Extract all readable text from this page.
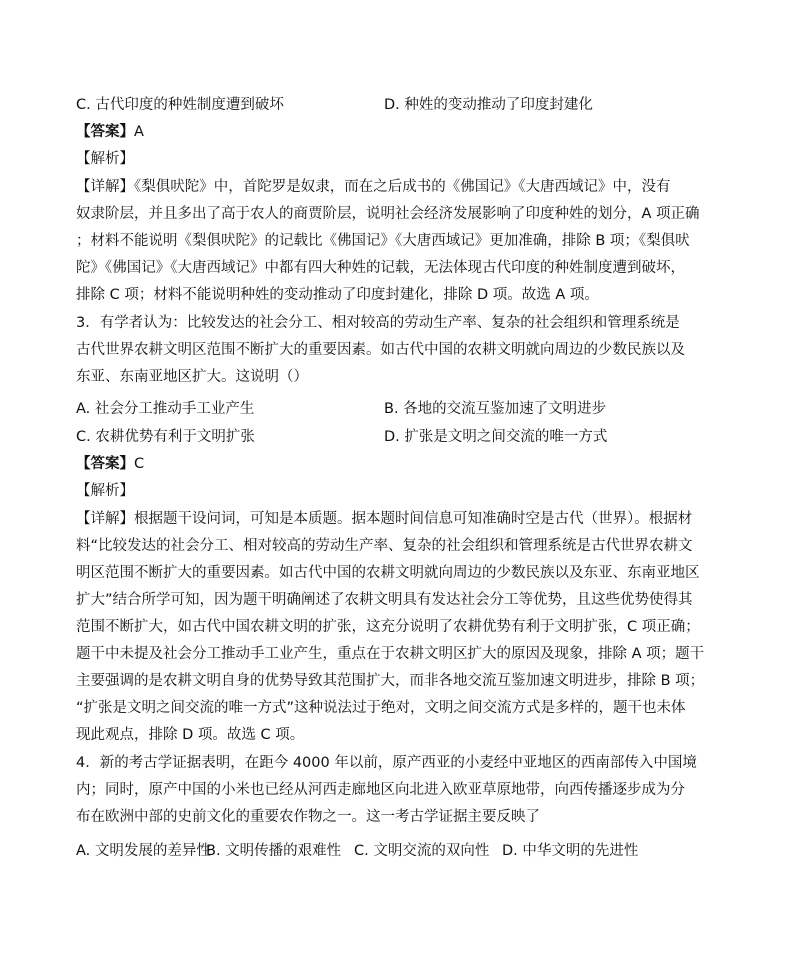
C. 古代印度的种姓制度遭到破坏	D. 种姓的变动推动了印度封建化
【答案】A
【解析】
【详解】《梨俱吠陀》中，首陀罗是奴隶，而在之后成书的《佛国记》《大唐西域记》中，没有
奴隶阶层，并且多出了高于农人的商贾阶层，说明社会经济发展影响了印度种姓的划分，A 项正确
；材料不能说明《梨俱吠陀》的记载比《佛国记》《大唐西域记》更加准确，排除 B 项；《梨俱吠
陀》《佛国记》《大唐西域记》中都有四大种姓的记载，无法体现古代印度的种姓制度遭到破坏，
排除 C 项；材料不能说明种姓的变动推动了印度封建化，排除 D 项。故选 A 项。
3．有学者认为：比较发达的社会分工、相对较高的劳动生产率、复杂的社会组织和管理系统是
古代世界农耕文明区范围不断扩大的重要因素。如古代中国的农耕文明就向周边的少数民族以及
东亚、东南亚地区扩大。这说明（）
A. 社会分工推动手工业产生	B. 各地的交流互鉴加速了文明进步
C. 农耕优势有利于文明扩张	D. 扩张是文明之间交流的唯一方式
【答案】C
【解析】
【详解】根据题干设问词，可知是本质题。据本题时间信息可知准确时空是古代（世界）。根据材
料“比较发达的社会分工、相对较高的劳动生产率、复杂的社会组织和管理系统是古代世界农耕文
明区范围不断扩大的重要因素。如古代中国的农耕文明就向周边的少数民族以及东亚、东南亚地区
扩大”结合所学可知，因为题干明确阐述了农耕文明具有发达社会分工等优势，且这些优势使得其
范围不断扩大，如古代中国农耕文明的扩张，这充分说明了农耕优势有利于文明扩张，C 项正确；
题干中未提及社会分工推动手工业产生，重点在于农耕文明区扩大的原因及现象，排除 A 项；题干
主要强调的是农耕文明自身的优势导致其范围扩大，而非各地交流互鉴加速文明进步，排除 B 项；
“扩张是文明之间交流的唯一方式”这种说法过于绝对，文明之间交流方式是多样的，题干也未体
现此观点，排除 D 项。故选 C 项。
4．新的考古学证据表明，在距今 4000 年以前，原产西亚的小麦经中亚地区的西南部传入中国境
内；同时，原产中国的小米也已经从河西走廊地区向北进入欧亚草原地带，向西传播逐步成为分
布在欧洲中部的史前文化的重要农作物之一。这一考古学证据主要反映了
A. 文明发展的差异性B. 文明传播的艰难性 C. 文明交流的双向性 D. 中华文明的先进性
